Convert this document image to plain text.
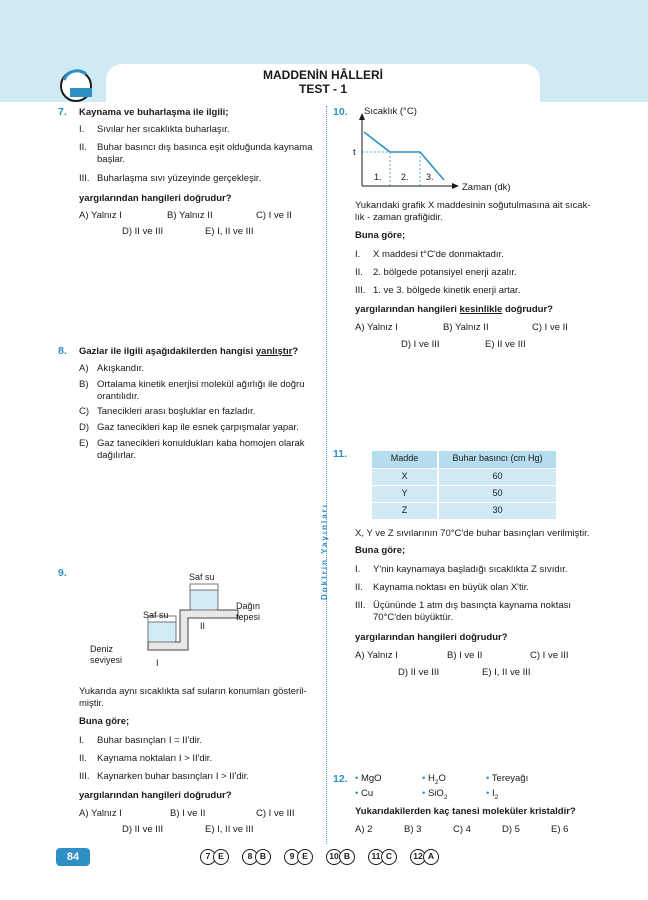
MADDENİN HÂLLERİ
TEST - 1
Doktrin Yayınları
7. Kaynama ve buharlaşma ile ilgili;
I. Sıvılar her sıcaklıkta buharlaşır.
II. Buhar basıncı dış basınca eşit olduğunda kaynama
başlar.
III. Buharlaşma sıvı yüzeyinde gerçekleşir.
yargılarından hangileri doğrudur?
A) Yalnız I	B) Yalnız II	C) I ve II
D) II ve III	E) I, II ve III
8. Gazlar ile ilgili aşağıdakilerden hangisi yanlıştır?
A) Akışkandır.
B) Ortalama kinetik enerjisi molekül ağırlığı ile doğru
orantılıdır.
C) Tanecikleri arası boşluklar en fazladır.
D) Gaz tanecikleri kap ile esnek çarpışmalar yapar.
E) Gaz tanecikleri konuldukları kaba homojen olarak
dağılırlar.
9.	Saf su
Saf su
Dağın
tepesi
Deniz
seviyesi	I
II
Yukarıda aynı sıcaklıkta saf suların konumları gösteril-
miştir.
Buna göre;
I. Buhar basınçları I = II'dir.
II. Kaynama noktaları I > II'dir.
III. Kaynarken buhar basınçları I > II'dir.
yargılarından hangileri doğrudur?
A) Yalnız I	B) I ve II	C) I ve III
D) II ve III	E) I, II ve III
10. Sıcaklık (°C)
t
1. 2. 3.
Zaman (dk)
Yukarıdaki grafik X maddesinin soğutulmasına ait sıcak-
lık - zaman grafiğidir.
Buna göre;
I. X maddesi t°C'de donmaktadır.
II. 2. bölgede potansiyel enerji azalır.
III. 1. ve 3. bölgede kinetik enerji artar.
yargılarından hangileri kesinlikle doğrudur?
A) Yalnız I	B) Yalnız II	C) I ve II
D) I ve III	E) II ve III
11.	Madde	Buhar basıncı (cm Hg)
X	60
Y	50
Z	30
X, Y ve Z sıvılarının 70°C'de buhar basınçları verilmiştir.
Buna göre;
I. Y'nin kaynamaya başladığı sıcaklıkta Z sıvıdır.
II. Kaynama noktası en büyük olan X'tir.
III. Üçününde 1 atm dış basınçta kaynama noktası
70°C'den büyüktür.
yargılarından hangileri doğrudur?
A) Yalnız I	B) I ve II	C) I ve III
D) II ve III	E) I, II ve III
12. • MgO	• $H_2O$	• Tereyağı
• Cu	• SiO$_2$	• $I_2$
Yukarıdakilerden kaç tanesi moleküler kristaldir?
A) 2	B) 3	C) 4	D) 5	E) 6
84	7 E	8 B	9 E	10 B	11 C	12 A
